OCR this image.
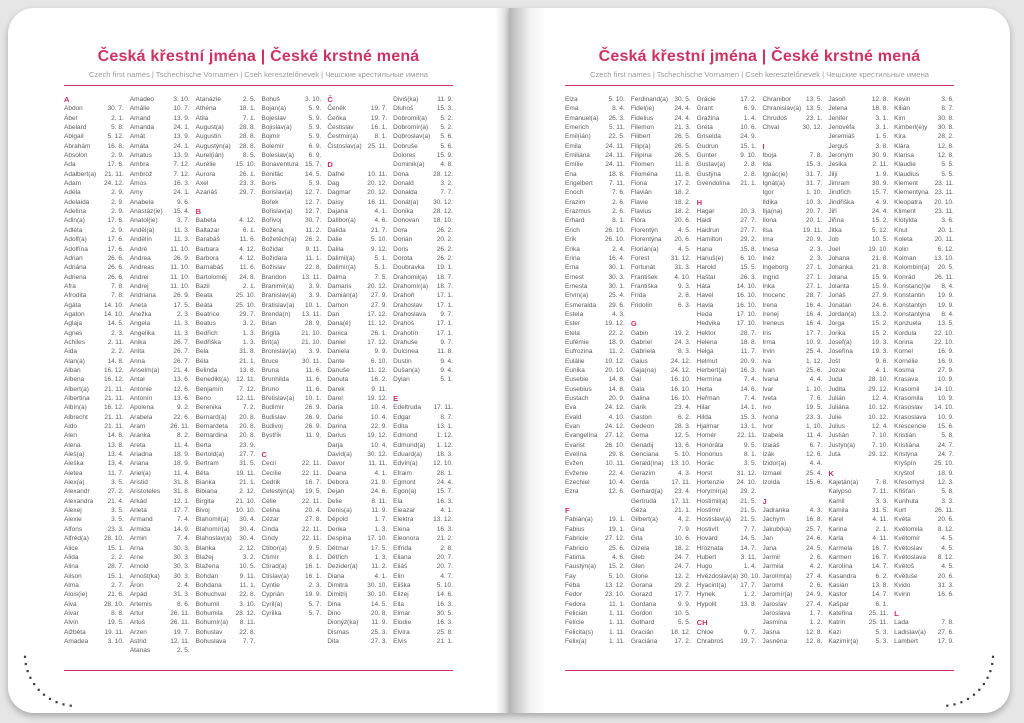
Česká křestní jména | České krstné mená
Czech first names | Tschechische Vornamen | Cseh keresztelőnevek | Чешские крестильные имена
A
Abdon	30. 7.
Ábel	2. 1.
Abelard	5. 8.
Abigail	5. 12.
Abrahám	16. 8.
Absolon	2. 9.
Ada	17. 6.
Adalbert(a) 21. 11.
Adam	24. 12.
Adéla	2. 9.
Adelaida	2. 9.
Adelína	2. 9.
Adin(a)	17. 6.
Adléta	2. 9.
Adolf(a)	17. 6.
Adolfína	17. 6.
Adrian	26. 6.
Adriána	26. 6.
Adriena	26. 6.
Afra	7. 8.
Afrodita	7. 8.
Agáta	14. 10.
Agaton	14. 10.
Aglaja	14. 5.
Agnes	2. 3.
Achiles	2. 11.
Aida	2. 2.
Alan(a)	14. 8.
Alban	16. 12.
Albena	16. 12.
Albert(a) 21. 11.
Albertina 21. 11.
Albín(a)	16. 12.
Albrecht	21. 11.
Aldo	21. 11.
Alen	14. 8.
Alena	13. 8.
Aleš(a)	13. 4.
Aleška	13. 4.
Aletea	11. 7.
Alex(a)	3. 5.
Alexandr	27. 2.
Alexandra 21. 4.
Alexej	3. 5.
Alexie	3. 5.
Alfons	23. 3.
Alfréd(a) 28. 10.
Alice	15. 1.
Alida	2. 2.
Alina	28. 7.
Alison	15. 1.
Alma	2. 7.
Alois(ie)	21. 6.
Alva	28. 10.
Alvar	8. 8.
Alvín	19. 5.
Alžběta	19. 11.
Amadea	3. 10.
Amadeo	3. 10.
Amálie	10. 7.
Amand	13. 9.
Amanda	24. 1.
Amát	13. 9.
Amáta	24. 1.
Amatus	13. 9.
Ambra	7. 12.
Ambrož	7. 12.
Ámos	16. 3.
Amy	24. 1.
Anabela	9. 6.
Anastáz(ie) 15. 4.
Anatol(ie)	3. 7.
Anděl(a)	11. 3.
Andělín	11. 3.
André	11. 10.
Andrea	26. 9.
Andreas 11. 10.
Andrei	11. 10.
Andrej	11. 10.
Andriana	26. 9.
Aneta	17. 5.
Anežka	2. 3.
Angela	11. 3.
Angelika	11. 3.
Anika	26. 7.
Anita	26. 7.
Anna	26. 7.
Anselm(a) 21. 4.
Antal	13. 6.
Antonie	12. 6.
Antonín	13. 6.
Apolena	9. 2.
Arabela	22. 6.
Aram	26. 11.
Aranka	8. 2.
Areta	11. 4.
Ariadna	18. 9.
Ariana	18. 9.
Ariel(a)	11. 4.
Aristid	31. 8.
Aristoteles 31. 8.
Arkád	12. 1.
Arleta	17. 7.
Armand	7. 4.
Armida	14. 9.
Armin	7. 4.
Arna	30. 3.
Arne	30. 3.
Arnold	30. 3.
Arnošt(ka) 30. 3.
Áron	2. 4.
Arpád	31. 3.
Artemis	8. 6.
Artur	26. 11.
Artuš	26. 11.
Arzen	19. 7.
Astrid	12. 11.
Atanas	2. 5.
Atanázie	2. 5.
Athéna	18. 1.
Atila	7. 1.
August(a) 28. 8.
Augustin	28. 8.
Augustýn(a) 28. 8.
Aurel(ián)	8. 5.
Aurélie	15. 10.
Aurora	26. 1.
Axel	23. 3.
Azariáš	29. 7.
B
Babeta	4. 12.
Baltazar	6. 1.
Barabáš	11. 6.
Barbara	4. 12.
Barbora	4. 12.
Barnabáš 11. 6.
Bartoloměj 24. 8.
Bazil	2. 1.
Beata	25. 10.
Beáta	25. 10.
Beatrice	29. 7.
Beatus	3. 2.
Bedřich	1. 3.
Bedřiška	1. 3.
Bela	31. 8.
Béla	21. 1.
Belinda	13. 8.
Benedikt(a) 12. 11.
Benjamín 7. 12.
Beno	12. 11.
Berenika	7. 2.
Bernard(a) 20. 8.
Bernardeta 20. 8.
Bernardina 20. 8.
Berta	23. 9.
Bertold(a) 27. 7.
Bertram	31. 5.
Běta	19. 11.
Bianka	21. 1.
Bibiana	2. 12.
Birgita	21. 10.
Bivoj	10. 10.
Blahomil(a) 30. 4.
Blahomír(a) 30. 4.
Blahoslav(a) 30. 4.
Blanka	2. 12.
Blažej	3. 2.
Blažena	10. 5.
Bohdan	9. 11.
Bohdana	11. 1.
Bohuchval 22. 8.
Bohumil	3. 10.
Bohumila 28. 12.
Bohumír(a) 8. 11.
Bohuslav	22. 8.
Bohuslava	7. 7.
Bohuš	3. 10.
Bojan(a)	5. 9.
Bojeslav	5. 9.
Bojislav(a)	5. 9.
Bojmír	5. 9.
Bolemír	6. 9.
Boleslav(a) 6. 9.
Bonaventura 15. 7.
Bonifác	14. 5.
Boris	5. 9.
Borislav(a) 12. 7.
Bořek	12. 7.
Bořislav(a) 12. 7.
Bořivoj	30. 7.
Božena	11. 2.
Božetěch(a) 26. 2.
Božidar	9. 11.
Božidara	11. 1.
Božislav	22. 8.
Brandon 13. 11.
Branimír(a) 3. 9.
Branislav(a) 3. 9.
Bratislav(a) 10. 1.
Brenda(n) 13. 11.
Brian	28. 9.
Brigita	21. 10.
Brit(a)	21. 10.
Bronislav(a) 3. 9.
Bruce	30. 11.
Bruna	11. 6.
Brunhilda	11. 6.
Bruno	11. 6.
Břetislav(a) 10. 1.
Budimír	26. 9.
Budislav	26. 9.
Budivoj	26. 9.
Bystřík	11. 9.
C
Cecil	22. 11.
Cecílie	22. 11.
Cedrik	16. 7.
Celestýn(a) 19. 5.
Célie	22. 11.
Celina	20. 4.
Cézar	27. 8.
Cinda	22. 11.
Cindy	22. 11.
Ctibor(a)	9. 5.
Ctimír	8. 1.
Ctirad(a)	16. 1.
Ctislav(a) 16. 1.
Cyntie	2. 3.
Cyprián	19. 9.
Cyril(a)	5. 7.
Cyrilka	5. 7.
Č
Čeněk	19. 7.
Čeňka	19. 7.
Čestislav	16. 1.
Čestmír(a)	8. 1.
Čistoslav(a) 25. 11.
D
Dafné	10. 11.
Dag	20. 12.
Dagmar	20. 12.
Daisy	16. 11.
Dajana	4. 1.
Dalibor(a)	4. 6.
Dalida	21. 7.
Dalie	5. 10.
Dalila	9. 12.
Dalimil(a)	5. 1.
Dalimír(a)	5. 1.
Dalma	7. 5.
Damaris 20. 12.
Damián(a) 27. 9.
Damon	27. 9.
Dan	17. 12.
Dana(é)	11. 12.
Danica	26. 1.
Daniel	17. 12.
Daniela	9. 9.
Dante	6. 10.
Danuše	11. 12.
Danuta	16. 2.
Darek	9. 11.
Darel	19. 12.
Daria	10. 4.
Darie	10. 4.
Darina	22. 9.
Darius	19. 12.
Darja	10. 4.
David(a) 30. 12.
Davor	11. 11.
Deana	4. 1.
Debora	21. 9.
Dejan	24. 6.
Delie	8. 11.
Denis(a)	11. 9.
Děpold	1. 7.
Derika	1. 3.
Despina 17. 10.
Dětmar	17. 5.
Dětřich	1. 3.
Dezider(a) 11. 2.
Diana	4. 1.
Dimitra	30. 10.
Dimitrij	30. 10.
Dina	14. 5.
Dino	20. 8.
Dionýz(ka) 11. 9.
Dismas	25. 3.
Dita	27. 3.
Diviš(ka)	11. 9.
Dluhoš	15. 3.
Dobromil(a) 5. 2.
Dobromír(a) 5. 2.
Dobroslav(a) 5. 6.
Dobruše	5. 6.
Dolores	15. 9.
Dominik(a) 4. 8.
Dona	28. 12.
Donald	3. 2.
Donalda	7. 7.
Donát(a) 30. 12.
Donika	28. 12.
Donovan 18. 10.
Dora	26. 2.
Dorián	20. 2.
Doris	26. 2.
Dorota	26. 2.
Doubravka 19. 1.
Drahomil(a) 18. 7.
Drahomír(a) 18. 7.
Drahoň	17. 1.
Drahoslav 17. 1.
Drahoslava 9. 7.
Drahoš	17. 1.
Drahotín	17. 1.
Drahuše	9. 7.
Dulcinea	11. 8.
Dustin	9. 4.
Dušan(a)	9. 4.
Dylan	5. 1.
E
Edeltruda 17. 11.
Edgar	8. 7.
Edita	13. 1.
Edmond	1. 12.
Edmund(a) 1. 12.
Eduard(a) 18. 3.
Edvín(a) 12. 10.
Efraim	28. 1.
Egmont	24. 4.
Egon(a)	15. 7.
Ela	16. 3.
Eleazar	4. 1.
Elektra	13. 12.
Elena	16. 3.
Eleonora	21. 2.
Elfrida	2. 8.
Eliana	20. 7.
Eliáš	20. 7.
Elin	4. 7.
Eliška	5. 10.
Elizej	14. 6.
Ella	16. 3.
Elmar	30. 5.
Elodie	16. 3.
Elvíra	25. 8.
Elvis	21. 1.
Česká křestní jména | České krstné mená
Czech first names | Tschechische Vornamen | Cseh keresztelőnevek | Чешские крестильные имена
Elza	5. 10.
Ema	8. 4.
Emanuel(a) 26. 3.
Emerich	5. 11.
Emil(ián)	22. 5.
Emila	24. 11.
Emiliána 24. 11.
Emílie	24. 11.
Ena	18. 8.
Engelbert 7. 11.
Enoch	7. 6.
Erazim	2. 6.
Erazmus	2. 6.
Erhard	8. 1.
Erich	26. 10.
Erik	26. 10.
Erika	2. 4.
Erina	16. 4.
Erna	30. 1.
Ernest	30. 3.
Ernesta	30. 1.
Ervín(a)	25. 4.
Esmeralda 29. 6.
Estela	4. 3.
Ester	19. 12.
Etela	22. 2.
Eufémie	18. 9.
Eufrozina	11. 2.
Eulálie	10. 12.
Eunika	20. 10.
Eusebie	14. 8.
Eusebius	14. 8.
Eustach	20. 9.
Eva	24. 12.
Evald	4. 10.
Evan	24. 12.
Evangelína 27. 12.
Evarist	26. 10.
Evelína	29. 8.
Evžen	10. 11.
Evženie	22. 4.
Ezechiel	10. 4.
Ezra	12. 6.
F
Fabián(a) 19. 1.
Fabius	19. 1.
Fabricie	27. 12.
Fabricio	25. 6.
Fatima	4. 6.
Faustýn(a) 15. 2.
Fay	5. 10.
Féba	13. 12.
Fedor	23. 10.
Fedora	11. 1.
Felicián	1. 11.
Felície	1. 11.
Felicita(s) 1. 11.
Felix(a)	1. 11.
Ferdinand(a) 30. 5.
Fidel(ie)	24. 4.
Fidelius	24. 4.
Filemon	21. 3.
Filibert	26. 5.
Filip(a)	26. 5.
Filipína	26. 5.
Filomen	11. 8.
Filoména	11. 8.
Fiona	17. 2.
Flavián	18. 2.
Flavie	18. 2.
Flavius	18. 2.
Flóra	20. 6.
Florentýn	4. 5.
Florentýna 20. 6.
Florián(a)	4. 5.
Forest	31. 12.
Fortunát	31. 3.
František	4. 10.
Františka	9. 3.
Frída	2. 8.
Fridolín	6. 3.
G
Gabin	19. 2.
Gabriel	24. 3.
Gabriela	8. 3.
Gaius	24. 12.
Gaja(na) 24. 12.
Gál	16. 10.
Gala	16. 10.
Galina	16. 10.
Garik	23. 4.
Gaston	6. 2.
Gedeon	28. 3.
Gema	12. 5.
Genadij	13. 6.
Genciana 5. 10.
Gerald(ína) 13. 10.
Gerazim	4. 3.
Gerda	17. 11.
Gerhard(a) 23. 4.
Gertruda 17. 11.
Géza	21. 1.
Gilbert(a)	4. 2.
Gina	7. 9.
Gita	10. 6.
Gizela	18. 2.
Gleb	24. 7.
Glen	24. 7.
Glorie	12. 2.
Gorana	29. 2.
Gorazd	17. 7.
Gordana	9. 9.
Gordon	10. 5.
Gothard	5. 5.
Gracián	18. 12.
Graciána	17. 2.
Grácie	17. 2.
Grant	6. 9.
Gražina	1. 4.
Gréta	10. 6.
Griselda	24. 9.
Gudrun	15. 1.
Gunter	9. 10.
Gustav(a)	2. 8.
Gustýna	2. 8.
Gvendolína 21. 1.
H
Hagar	20. 3.
Haidi	27. 7.
Haidrun	27. 7.
Hamilton	29. 2.
Hana	15. 8.
Hanuš(e)	6. 10.
Harold	15. 5.
Haštal	26. 3.
Háta	14. 10.
Havel	16. 10.
Havla	16. 10.
Heda	17. 10.
Hedvika	17. 10.
Hektor	28. 7.
Helena	18. 8.
Helga	11. 7.
Helmut	20. 9.
Herbert(a) 16. 3.
Hermína	7. 4.
Herta	14. 6.
Heřman	7. 4.
Hilar	14. 1.
Hilda	15. 3.
Hjalmar	13. 1.
Homér	22. 11.
Honoráta	9. 5.
Honorius	8. 1.
Horác	3. 5.
Horst	31. 12.
Hortenzie 24. 10.
Horymír(a) 29. 2.
Hostimil(a) 21. 5.
Hostimír	21. 5.
Hostislav(a) 21. 5.
Hostivít	7. 7.
Hovard	14. 5.
Hroznata	14. 7.
Hubert	3. 11.
Hugo	1. 4.
Hvězdoslav(a) 30. 10.
Hyacint(a) 17. 7.
Hynek	1. 2.
Hypolit	13. 8.
CH
Chloe	9. 7.
Chrabroš	19. 7.
Chranibor 13. 5.
Chranislav(a) 13. 5.
Chrudoš	23. 1.
Chval	30. 12.
I
Iboja	7. 8.
Ida	15. 3.
Ignác(ie)	31. 7.
Ignát(a)	31. 7.
Igor	1. 10.
Ildika	10. 3.
Ilja(na)	20. 7.
Ilona	20. 1.
Ilsa	19. 11.
Ima	20. 9.
Inesa	2. 3.
Inéz	2. 3.
Ingeborg	27. 1.
Ingrid	27. 1.
Inka	27. 1.
Inocenc	28. 7.
Irena	16. 4.
Irenej	16. 4.
Ireneus	16. 4.
Iris	17. 7.
Irma	10. 9.
Irvin	25. 4.
Iva	1. 12.
Ivan	25. 6.
Ivana	4. 4.
Ivar	1. 10.
Iveta	7. 6.
Ivo	19. 5.
Ivona	23. 3.
Ivor	1. 10.
Izabela	11. 4.
Izaiáš	6. 7.
Izák	12. 6.
Izidor(a)	4. 4.
Izmael	25. 4.
Izolda	15. 6.
J
Jadranka	4. 3.
Jáchym	16. 8.
Jakub(ka) 25. 7.
Jan	24. 6.
Jana	24. 5.
Jarmil	2. 6.
Jarmila	4. 2.
Jarolím(a) 27. 4.
Jaromil	2. 6.
Jaromír(a) 24. 9.
Jaroslav	27. 4.
Jaroslava	1. 7.
Jasmína	1. 2.
Jasna	12. 8.
Jasněna	12. 8.
Jasoň	12. 8.
Jelena	18. 8.
Jenifer	3. 1.
Jenovéfa	3. 1.
Jeremiáš	1. 5.
Jerguš	3. 8.
Jeroným	30. 9.
Jesika	2. 11.
Jiljí	1. 9.
Jimram	30. 9.
Jindřich	15. 7.
Jindřiška	4. 9.
Jiří	24. 4.
Jiřina	15. 2.
Jitka	5. 12.
Job	10. 5.
Joel	19. 10.
Johana	21. 8.
Johanka	21. 8.
Jolana	15. 9.
Jolanta	15. 9.
Jonáš	27. 9.
Jonatan	24. 6.
Jordan(a) 13. 2.
Jorga	15. 2.
Jorika	15. 2.
Josef(a)	19. 3.
Josefína	19. 3.
Jošt	9. 6.
Jozue	4. 1.
Juda	28. 10.
Judita	29. 12.
Julián	12. 4.
Juliána	10. 12.
Julie	10. 12.
Julius	12. 4.
Justián	7. 10.
Justýn(a)	7. 10.
Juta	29. 12.
K
Kajetán(a)	7. 8.
Kalypso	7. 11.
Kamil	3. 3.
Kamila	31. 5.
Karel	4. 11.
Karina	2. 1.
Karla	4. 11.
Karmela	16. 7.
Karmen	16. 7.
Karolína	14. 7.
Kasandra	6. 2.
Kasián	13. 8.
Kastor	14. 7.
Kašpar	6. 1.
Kateřina 25. 11.
Katrin	25. 11.
Kazi	5. 3.
Kazimír(a)	5. 3.
Kevin	3. 6.
Kilián	8. 7.
Kim	30. 8.
Kimberl(e)y 30. 8.
Kira	28. 2.
Klára	12. 8.
Klarisa	12. 8.
Klaudie	5. 5.
Klaudius	5. 5.
Klement	23. 11.
Klementýna 23. 11.
Kleopatra 20. 10.
Kliment	23. 11.
Klotylda	3. 6.
Knut	20. 1.
Koleta	20. 11.
Kolin	6. 12.
Kolman	13. 10.
Kolombín(a) 20. 5.
Konrád	26. 11.
Konstanc(i)e 8. 4.
Konstantin 19. 9.
Konstantýn 19. 9.
Konstantýna 8. 4.
Konzuela	13. 5.
Kordula	22. 10.
Korina	22. 10.
Kornel	16. 9.
Kornélie	16. 9.
Kosma	27. 9.
Krasava	10. 9.
Krasomil 14. 10.
Krasomila 10. 9.
Krasoslav 14. 10.
Krasoslava 10. 9.
Krescencie 15. 6.
Kristián	5. 8.
Kristiána	24. 7.
Kristýna	24. 7.
Kryšpín	25. 10.
Kryštof	18. 9.
Křesomysl 12. 3.
Křišťan	5. 8.
Kunhuta	3. 3.
Kurt	26. 11.
Květa	20. 6.
Květomila 8. 12.
Květomír	4. 5.
Květoslav	4. 5.
Květoslava 8. 12.
Květoš	4. 5.
Květuše	20. 6.
Kvido	31. 3.
Kvirin	16. 6.
L
Lada	7. 8.
Ladislav(a) 27. 6.
Lambert	17. 9.
